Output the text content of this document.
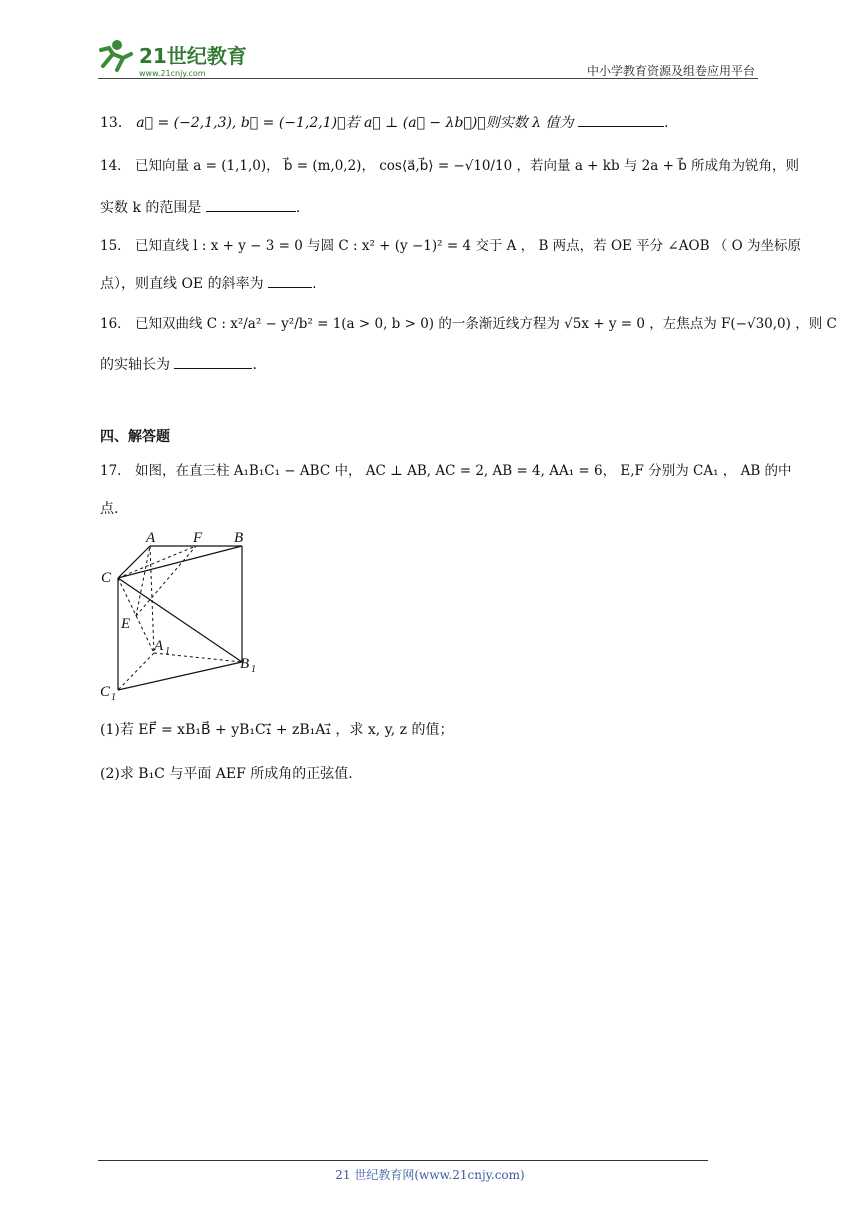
21世纪教育
www.21cnjy.com	中小学教育资源及组卷应用平台
13． a⃗ = (−2,1,3), b⃗ = (−1,2,1)，若 a⃗ ⊥ (a⃗ − λb⃗)，则实数 λ 值为	.
14． 已知向量 a = (1,1,0)， b⃗ = (m,0,2)， cos⟨a⃗,b⃗⟩ = −√10/10 ，若向量 a + kb 与 2a + b⃗ 所成角为锐角，则
实数 k 的范围是	.
15． 已知直线 l : x + y − 3 = 0 与圆 C : x² + (y −1)² = 4 交于 A ， B 两点，若 OE 平分 ∠AOB （ O 为坐标原
点），则直线 OE 的斜率为	.
16． 已知双曲线 C : x²/a² − y²/b² = 1(a > 0, b > 0) 的一条渐近线方程为 √5x + y = 0 ，左焦点为 F(−√30,0) ，则 C
的实轴长为	.
四、解答题
17． 如图，在直三柱 A₁B₁C₁ − ABC 中， AC ⊥ AB, AC = 2, AB = 4, AA₁ = 6， E,F 分别为 CA₁ ， AB 的中
点.
A	F B
C
E
A 1
B 1
C 1
(1)若 EF⃗ = xB₁B⃗ + yB₁C₁⃗ + zB₁A₁⃗ ，求 x, y, z 的值；
(2)求 B₁C 与平面 AEF 所成角的正弦值.
21 世纪教育网(www.21cnjy.com)
